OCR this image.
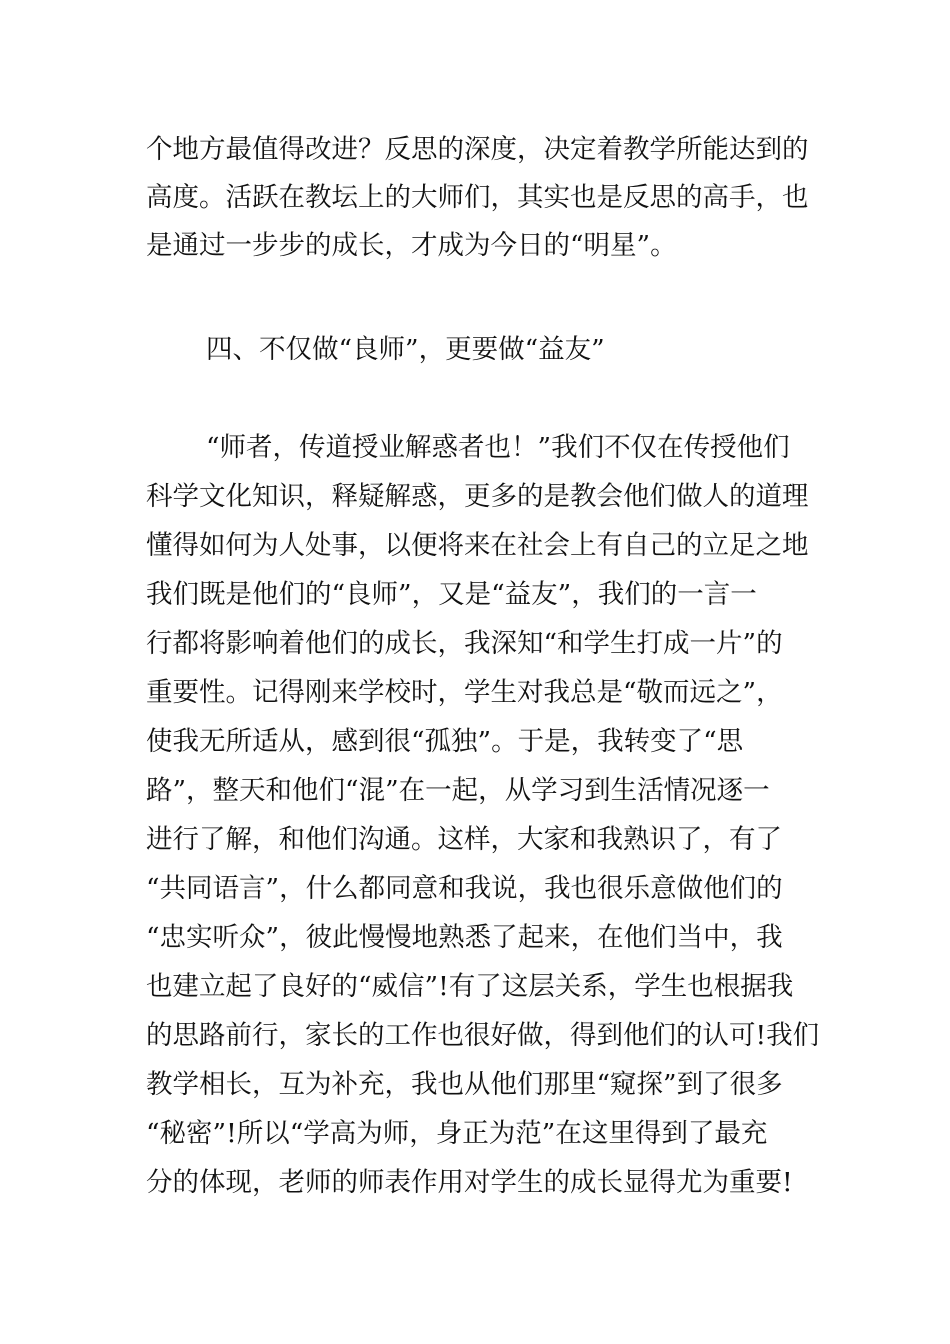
个地方最值得改进？反思的深度，决定着教学所能达到的
高度。活跃在教坛上的大师们，其实也是反思的高手，也
是通过一步步的成长，才成为今日的“明星”。
四、不仅做“良师”，更要做“益友”
“师者，传道授业解惑者也！”我们不仅在传授他们
科学文化知识，释疑解惑，更多的是教会他们做人的道理
懂得如何为人处事，以便将来在社会上有自己的立足之地
我们既是他们的“良师”，又是“益友”，我们的一言一
行都将影响着他们的成长，我深知“和学生打成一片”的
重要性。记得刚来学校时，学生对我总是“敬而远之”，
使我无所适从，感到很“孤独”。于是，我转变了“思
路”，整天和他们“混”在一起，从学习到生活情况逐一
进行了解，和他们沟通。这样，大家和我熟识了，有了
“共同语言”，什么都同意和我说，我也很乐意做他们的
“忠实听众”，彼此慢慢地熟悉了起来，在他们当中，我
也建立起了良好的“威信”!有了这层关系，学生也根据我
的思路前行，家长的工作也很好做，得到他们的认可!我们
教学相长，互为补充，我也从他们那里“窥探”到了很多
“秘密”!所以“学高为师，身正为范”在这里得到了最充
分的体现，老师的师表作用对学生的成长显得尤为重要!
